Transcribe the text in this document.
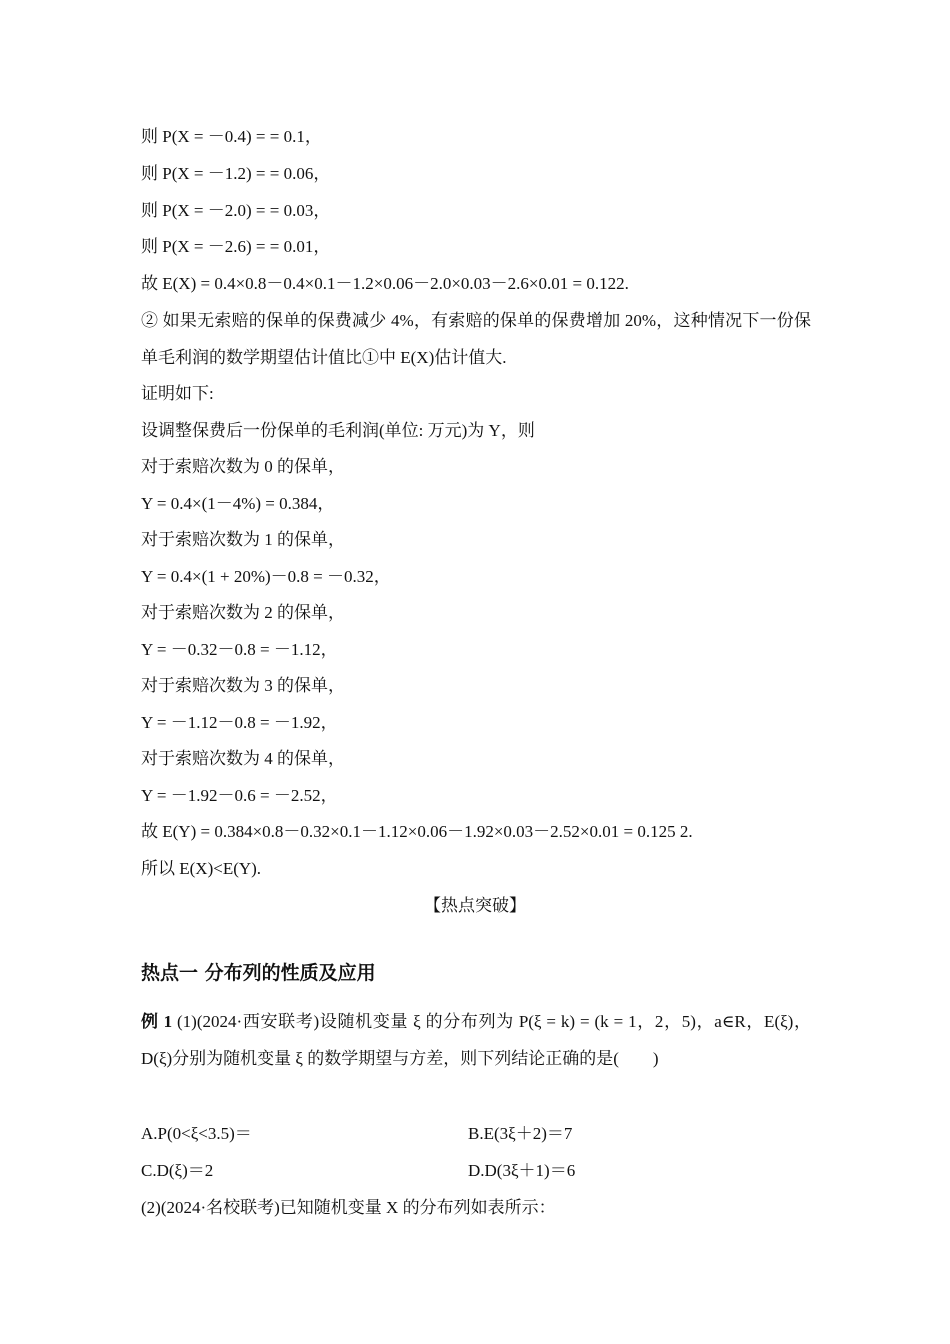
则 P(X = －0.4) = = 0.1，
则 P(X = －1.2) = = 0.06，
则 P(X = －2.0) = = 0.03，
则 P(X = －2.6) = = 0.01，
故 E(X) = 0.4×0.8－0.4×0.1－1.2×0.06－2.0×0.03－2.6×0.01 = 0.122.
② 如果无索赔的保单的保费减少 4%，有索赔的保单的保费增加 20%，这种情况下一份保单毛利润的数学期望估计值比①中 E(X)估计值大.
证明如下:
设调整保费后一份保单的毛利润(单位: 万元)为 Y，则
对于索赔次数为 0 的保单，
Y = 0.4×(1－4%) = 0.384，
对于索赔次数为 1 的保单，
Y = 0.4×(1 + 20%)－0.8 = －0.32，
对于索赔次数为 2 的保单，
Y = －0.32－0.8 = －1.12，
对于索赔次数为 3 的保单，
Y = －1.12－0.8 = －1.92，
对于索赔次数为 4 的保单，
Y = －1.92－0.6 = －2.52，
故 E(Y) = 0.384×0.8－0.32×0.1－1.12×0.06－1.92×0.03－2.52×0.01 = 0.125 2.
所以 E(X)<E(Y).
【热点突破】
热点一 分布列的性质及应用
例 1 (1)(2024·西安联考)设随机变量 ξ 的分布列为 P(ξ = k) = (k = 1，2，5)，a∈R，E(ξ)，D(ξ)分别为随机变量 ξ 的数学期望与方差，则下列结论正确的是(　　)
A.P(0<ξ<3.5)＝	B.E(3ξ＋2)＝7
C.D(ξ)＝2	D.D(3ξ＋1)＝6
(2)(2024·名校联考)已知随机变量 X 的分布列如表所示：
